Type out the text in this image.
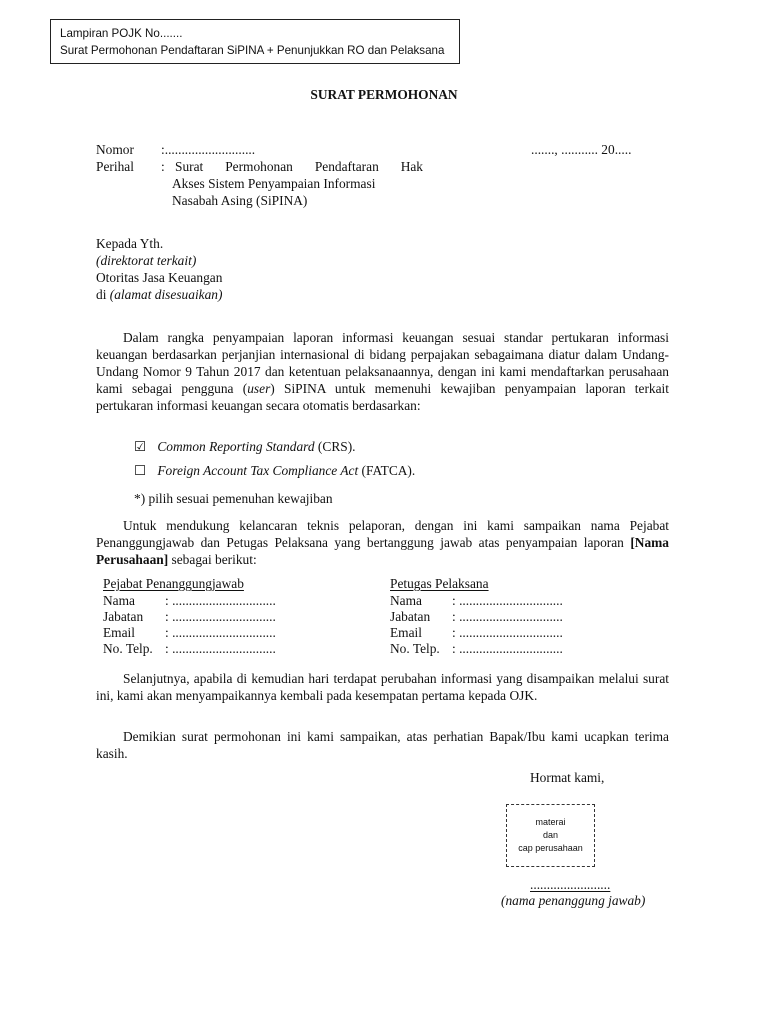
Lampiran POJK No.......
Surat Permohonan Pendaftaran SiPINA + Penunjukkan RO dan Pelaksana
SURAT PERMOHONAN
Nomor :...........................	......., ........... 20.....
Perihal : Surat Permohonan Pendaftaran Hak
Akses Sistem Penyampaian Informasi
Nasabah Asing (SiPINA)
Kepada Yth.
(direktorat terkait)
Otoritas Jasa Keuangan
di (alamat disesuaikan)

Dalam rangka penyampaian laporan informasi keuangan sesuai standar pertukaran informasi keuangan berdasarkan perjanjian internasional di bidang perpajakan sebagaimana diatur dalam Undang-Undang Nomor 9 Tahun 2017 dan ketentuan pelaksanaannya, dengan ini kami mendaftarkan perusahaan kami sebagai pengguna (user) SiPINA untuk memenuhi kewajiban penyampaian laporan terkait pertukaran informasi keuangan secara otomatis berdasarkan:

☑ Common Reporting Standard (CRS).
☐ Foreign Account Tax Compliance Act (FATCA).
*) pilih sesuai pemenuhan kewajiban

Untuk mendukung kelancaran teknis pelaporan, dengan ini kami sampaikan nama Pejabat Penanggungjawab dan Petugas Pelaksana yang bertanggung jawab atas penyampaian laporan [Nama Perusahaan] sebagai berikut:

Pejabat Penanggungjawab	Petugas Pelaksana
Nama : ...............................
Jabatan : ...............................
Email : ...............................
No. Telp. : ...............................
Nama : ...............................
Jabatan : ...............................
Email : ...............................
No. Telp. : ...............................

Selanjutnya, apabila di kemudian hari terdapat perubahan informasi yang disampaikan melalui surat ini, kami akan menyampaikannya kembali pada kesempatan pertama kepada OJK.

Demikian surat permohonan ini kami sampaikan, atas perhatian Bapak/Ibu kami ucapkan terima kasih.

Hormat kami,
materai
dan
cap perusahaan
........................
(nama penanggung jawab)
